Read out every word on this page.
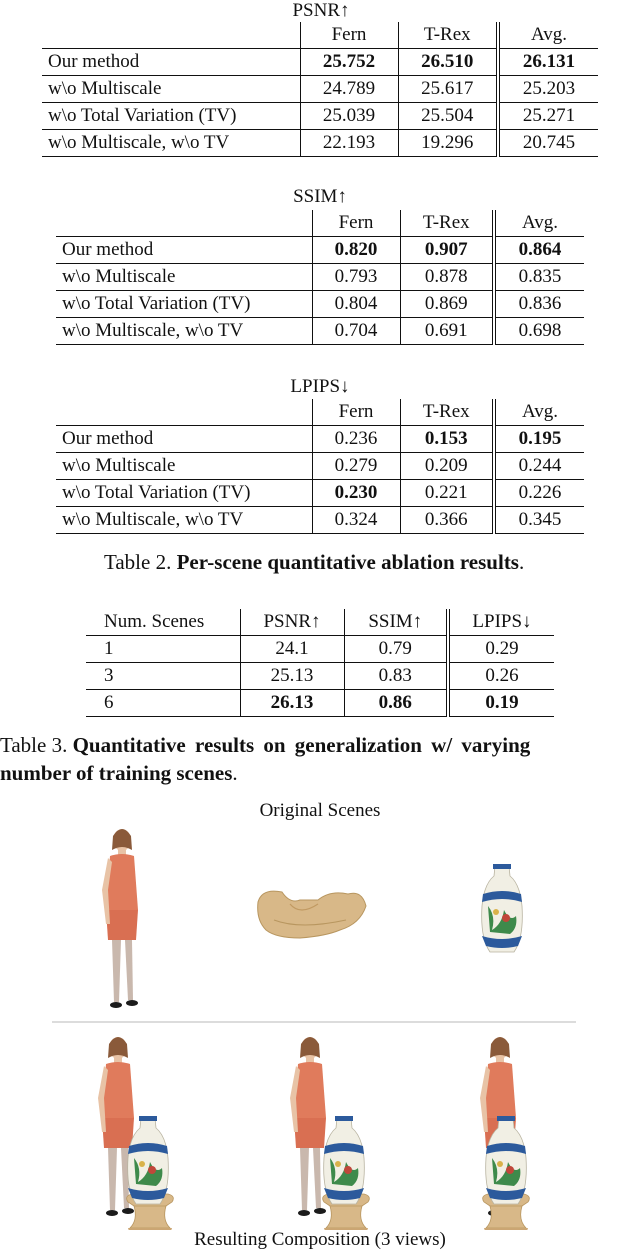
PSNR↑
	Fern	T-Rex	Avg.
Our method	25.752	26.510	26.131
w\o Multiscale	24.789	25.617	25.203
w\o Total Variation (TV)	25.039	25.504	25.271
w\o Multiscale, w\o TV	22.193	19.296	20.745
SSIM↑
	Fern	T-Rex	Avg.
Our method	0.820	0.907	0.864
w\o Multiscale	0.793	0.878	0.835
w\o Total Variation (TV)	0.804	0.869	0.836
w\o Multiscale, w\o TV	0.704	0.691	0.698
LPIPS↓
	Fern	T-Rex	Avg.
Our method	0.236	0.153	0.195
w\o Multiscale	0.279	0.209	0.244
w\o Total Variation (TV)	0.230	0.221	0.226
w\o Multiscale, w\o TV	0.324	0.366	0.345
Table 2. Per-scene quantitative ablation results.
Num. Scenes	PSNR↑	SSIM↑	LPIPS↓
1	24.1	0.79	0.29
3	25.13	0.83	0.26
6	26.13	0.86	0.19
Table 3. Quantitative results on generalization w/ varying
number of training scenes.
Original Scenes
Resulting Composition (3 views)
